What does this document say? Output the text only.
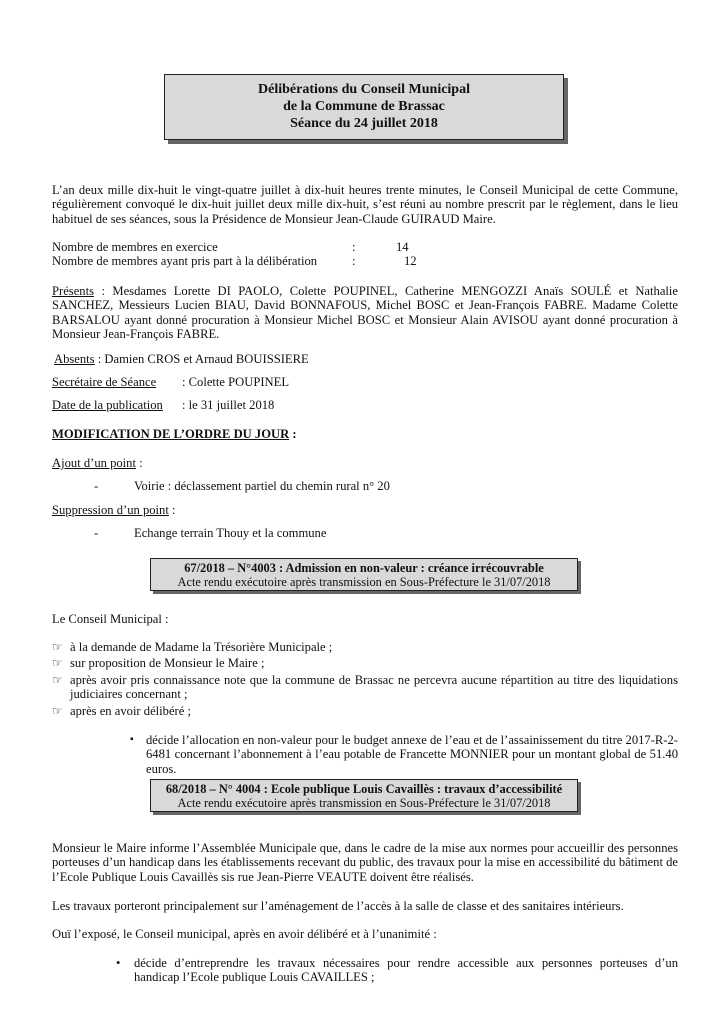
Délibérations du Conseil Municipal
de la Commune de Brassac
Séance du 24 juillet 2018
L’an deux mille dix-huit le vingt-quatre juillet à dix-huit heures trente minutes, le Conseil Municipal de cette Commune, régulièrement convoqué le dix-huit juillet deux mille dix-huit, s’est réuni au nombre prescrit par le règlement, dans le lieu habituel de ses séances, sous la Présidence de Monsieur Jean-Claude GUIRAUD Maire.
Nombre de membres en exercice	:	14
Nombre de membres ayant pris part à la délibération	:	12
Présents : Mesdames Lorette DI PAOLO, Colette POUPINEL, Catherine MENGOZZI Anaïs SOULÉ et Nathalie SANCHEZ, Messieurs Lucien BIAU, David BONNAFOUS, Michel BOSC et Jean-François FABRE. Madame Colette BARSALOU ayant donné procuration à Monsieur Michel BOSC et Monsieur Alain AVISOU ayant donné procuration à Monsieur Jean-François FABRE.
Absents : Damien CROS et Arnaud BOUISSIERE
Secrétaire de Séance	: Colette POUPINEL
Date de la publication	: le 31 juillet 2018
MODIFICATION DE L’ORDRE DU JOUR :
Ajout d’un point :
-	Voirie : déclassement partiel du chemin rural n° 20
Suppression d’un point :
-	Echange terrain Thouy et la commune
67/2018 – N°4003 : Admission en non-valeur : créance irrécouvrable
Acte rendu exécutoire après transmission en Sous-Préfecture le 31/07/2018
Le Conseil Municipal :
☞ à la demande de Madame la Trésorière Municipale ;
☞ sur proposition de Monsieur le Maire ;
☞ après avoir pris connaissance note que la commune de Brassac ne percevra aucune répartition au titre des liquidations judiciaires concernant ;
☞ après en avoir délibéré ;
▪ décide l’allocation en non-valeur pour le budget annexe de l’eau et de l’assainissement du titre 2017-R-2-6481 concernant l’abonnement à l’eau potable de Francette MONNIER pour un montant global de 51.40 euros.
68/2018 – N° 4004 : Ecole publique Louis Cavaillès : travaux d’accessibilité
Acte rendu exécutoire après transmission en Sous-Préfecture le 31/07/2018
Monsieur le Maire informe l’Assemblée Municipale que, dans le cadre de la mise aux normes pour accueillir des personnes porteuses d’un handicap dans les établissements recevant du public, des travaux pour la mise en accessibilité du bâtiment de l’Ecole Publique Louis Cavaillès sis rue Jean-Pierre VEAUTE doivent être réalisés.
Les travaux porteront principalement sur l’aménagement de l’accès à la salle de classe et des sanitaires intérieurs.
Ouï l’exposé, le Conseil municipal, après en avoir délibéré et à l’unanimité :
•	décide d’entreprendre les travaux nécessaires pour rendre accessible aux personnes porteuses d’un handicap l’Ecole publique Louis CAVAILLES ;
